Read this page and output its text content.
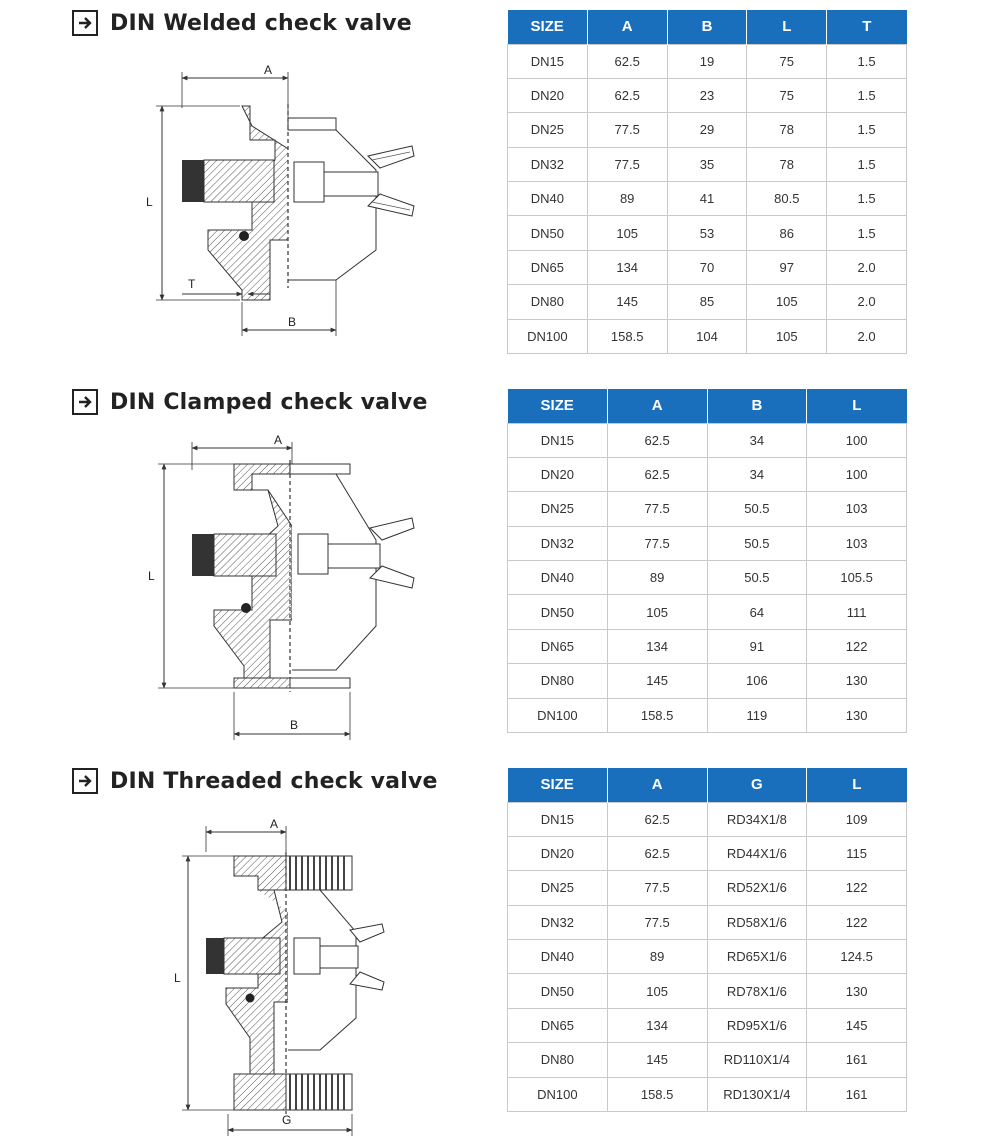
DIN Welded check valve
A
L
T
B
SIZE	A	B	L	T
DN15	62.5	19	75	1.5
DN20	62.5	23	75	1.5
DN25	77.5	29	78	1.5
DN32	77.5	35	78	1.5
DN40	89	41	80.5	1.5
DN50	105	53	86	1.5
DN65	134	70	97	2.0
DN80	145	85	105	2.0
DN100	158.5	104	105	2.0
DIN Clamped check valve
A
L
B
SIZE	A	B	L
DN15	62.5	34	100
DN20	62.5	34	100
DN25	77.5	50.5	103
DN32	77.5	50.5	103
DN40	89	50.5	105.5
DN50	105	64	111
DN65	134	91	122
DN80	145	106	130
DN100	158.5	119	130
DIN Threaded check valve
A
L
G
SIZE	A	G	L
DN15	62.5	RD34X1/8	109
DN20	62.5	RD44X1/6	115
DN25	77.5	RD52X1/6	122
DN32	77.5	RD58X1/6	122
DN40	89	RD65X1/6	124.5
DN50	105	RD78X1/6	130
DN65	134	RD95X1/6	145
DN80	145	RD110X1/4	161
DN100	158.5	RD130X1/4	161
